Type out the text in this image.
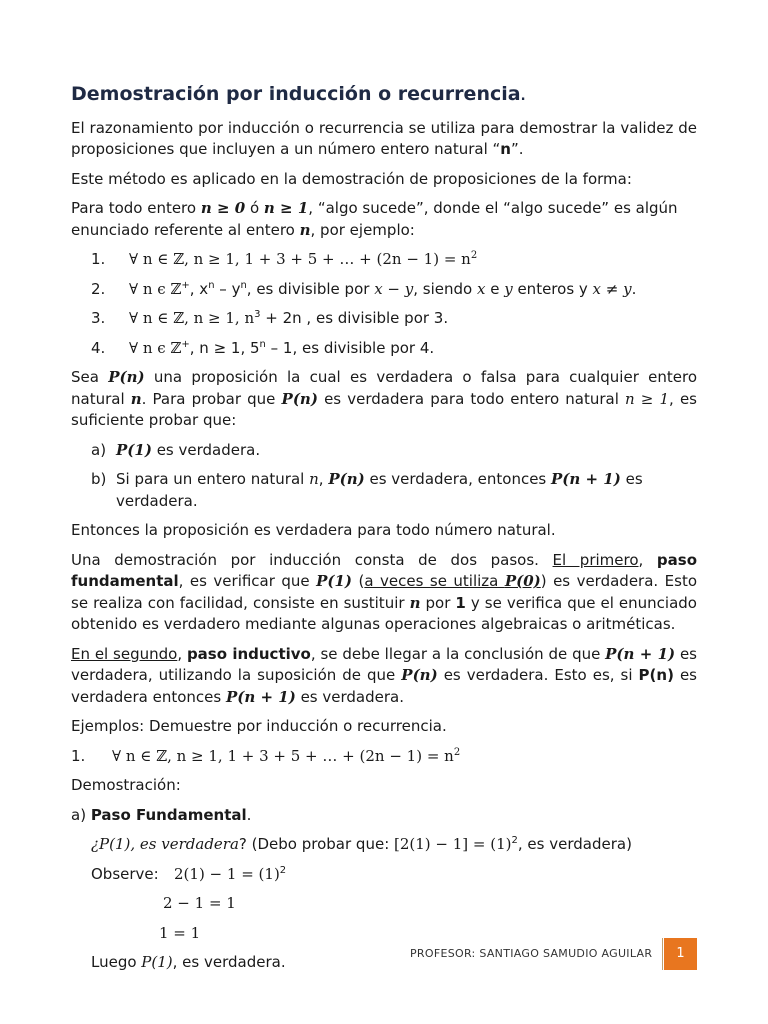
Demostración por inducción o recurrencia.

El razonamiento por inducción o recurrencia se utiliza para demostrar la validez de proposiciones que incluyen a un número entero natural “n”.

Este método es aplicado en la demostración de proposiciones de la forma:

Para todo entero n ≥ 0 ó n ≥ 1, “algo sucede”, donde el “algo sucede” es algún enunciado referente al entero n, por ejemplo:

1.	∀ n ∈ ℤ, n ≥ 1, 1 + 3 + 5 + … + $(2n - 1) = n^2$
2.	∀ n ϵ ℤ+, $x^n - y^n$, es divisible por x − y, siendo x e y enteros y x ≠ y.
3.	∀ n ∈ ℤ, n ≥ 1, $n^3 + 2n$ , es divisible por 3.
4.	∀ n ϵ ℤ+, n ≥ 1, 5$^n$ – 1, es divisible por 4.

Sea P(n) una proposición la cual es verdadera o falsa para cualquier entero natural n. Para probar que P(n) es verdadera para todo entero natural n ≥ 1, es suficiente probar que:

a) P(1) es verdadera.
b) Si para un entero natural n, P(n) es verdadera, entonces P(n + 1) es verdadera.

Entonces la proposición es verdadera para todo número natural.

Una demostración por inducción consta de dos pasos. El primero, paso fundamental, es verificar que P(1) (a veces se utiliza P(0)) es verdadera. Esto se realiza con facilidad, consiste en sustituir n por 1 y se verifica que el enunciado obtenido es verdadero mediante algunas operaciones algebraicas o aritméticas.

En el segundo, paso inductivo, se debe llegar a la conclusión de que P(n + 1) es verdadera, utilizando la suposición de que P(n) es verdadera. Esto es, si P(n) es verdadera entonces P(n + 1) es verdadera.

Ejemplos: Demuestre por inducción o recurrencia.

1.	∀ n ∈ ℤ, n ≥ 1, 1 + 3 + 5 + … + $(2n - 1) = n^2$

Demostración:

a) Paso Fundamental.

¿P(1), es verdadera? (Debo probar que: $[2(1) - 1] = (1)^2$, es verdadera)

Observe: $2(1) - 1 = (1)^2$

2 − 1 = 1

1 = 1

Luego P(1), es verdadera.	PROFESOR: SANTIAGO SAMUDIO AGUILAR	1
